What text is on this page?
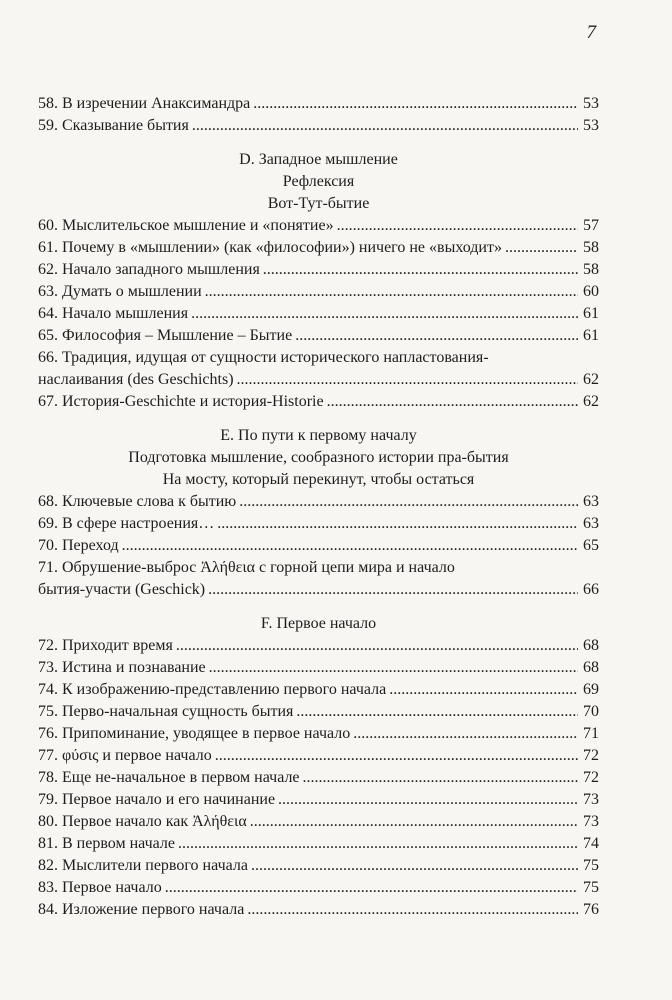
7
58. В изречении Анаксимандра .....	53
59. Сказывание бытия .....	53
D. Западное мышление
Рефлексия
Вот-Тут-бытие
60. Мыслительское мышление и «понятие» .....	57
61. Почему в «мышлении» (как «философии») ничего не «выходит» .....	58
62. Начало западного мышления .....	58
63. Думать о мышлении .....	60
64. Начало мышления .....	61
65. Философия – Мышление – Бытие .....	61
66. Традиция, идущая от сущности исторического напластования-
наслаивания (des Geschichts) .....	62
67. История-Geschichte и история-Historie .....	62
E. По пути к первому началу
Подготовка мышление, сообразного истории пра-бытия
На мосту, который перекинут, чтобы остаться
68. Ключевые слова к бытию .....	63
69. В сфере настроения… .....	63
70. Переход .....	65
71. Обрушение-выброс Ἀλήθεια с горной цепи мира и начало
бытия-участи (Geschick) .....	66
F. Первое начало
72. Приходит время .....	68
73. Истина и познавание .....	68
74. К изображению-представлению первого начала .....	69
75. Перво-начальная сущность бытия .....	70
76. Припоминание, уводящее в первое начало .....	71
77. φύσις и первое начало .....	72
78. Еще не-начальное в первом начале .....	72
79. Первое начало и его начинание .....	73
80. Первое начало как Ἀλήθεια .....	73
81. В первом начале .....	74
82. Мыслители первого начала .....	75
83. Первое начало .....	75
84. Изложение первого начала .....	76
